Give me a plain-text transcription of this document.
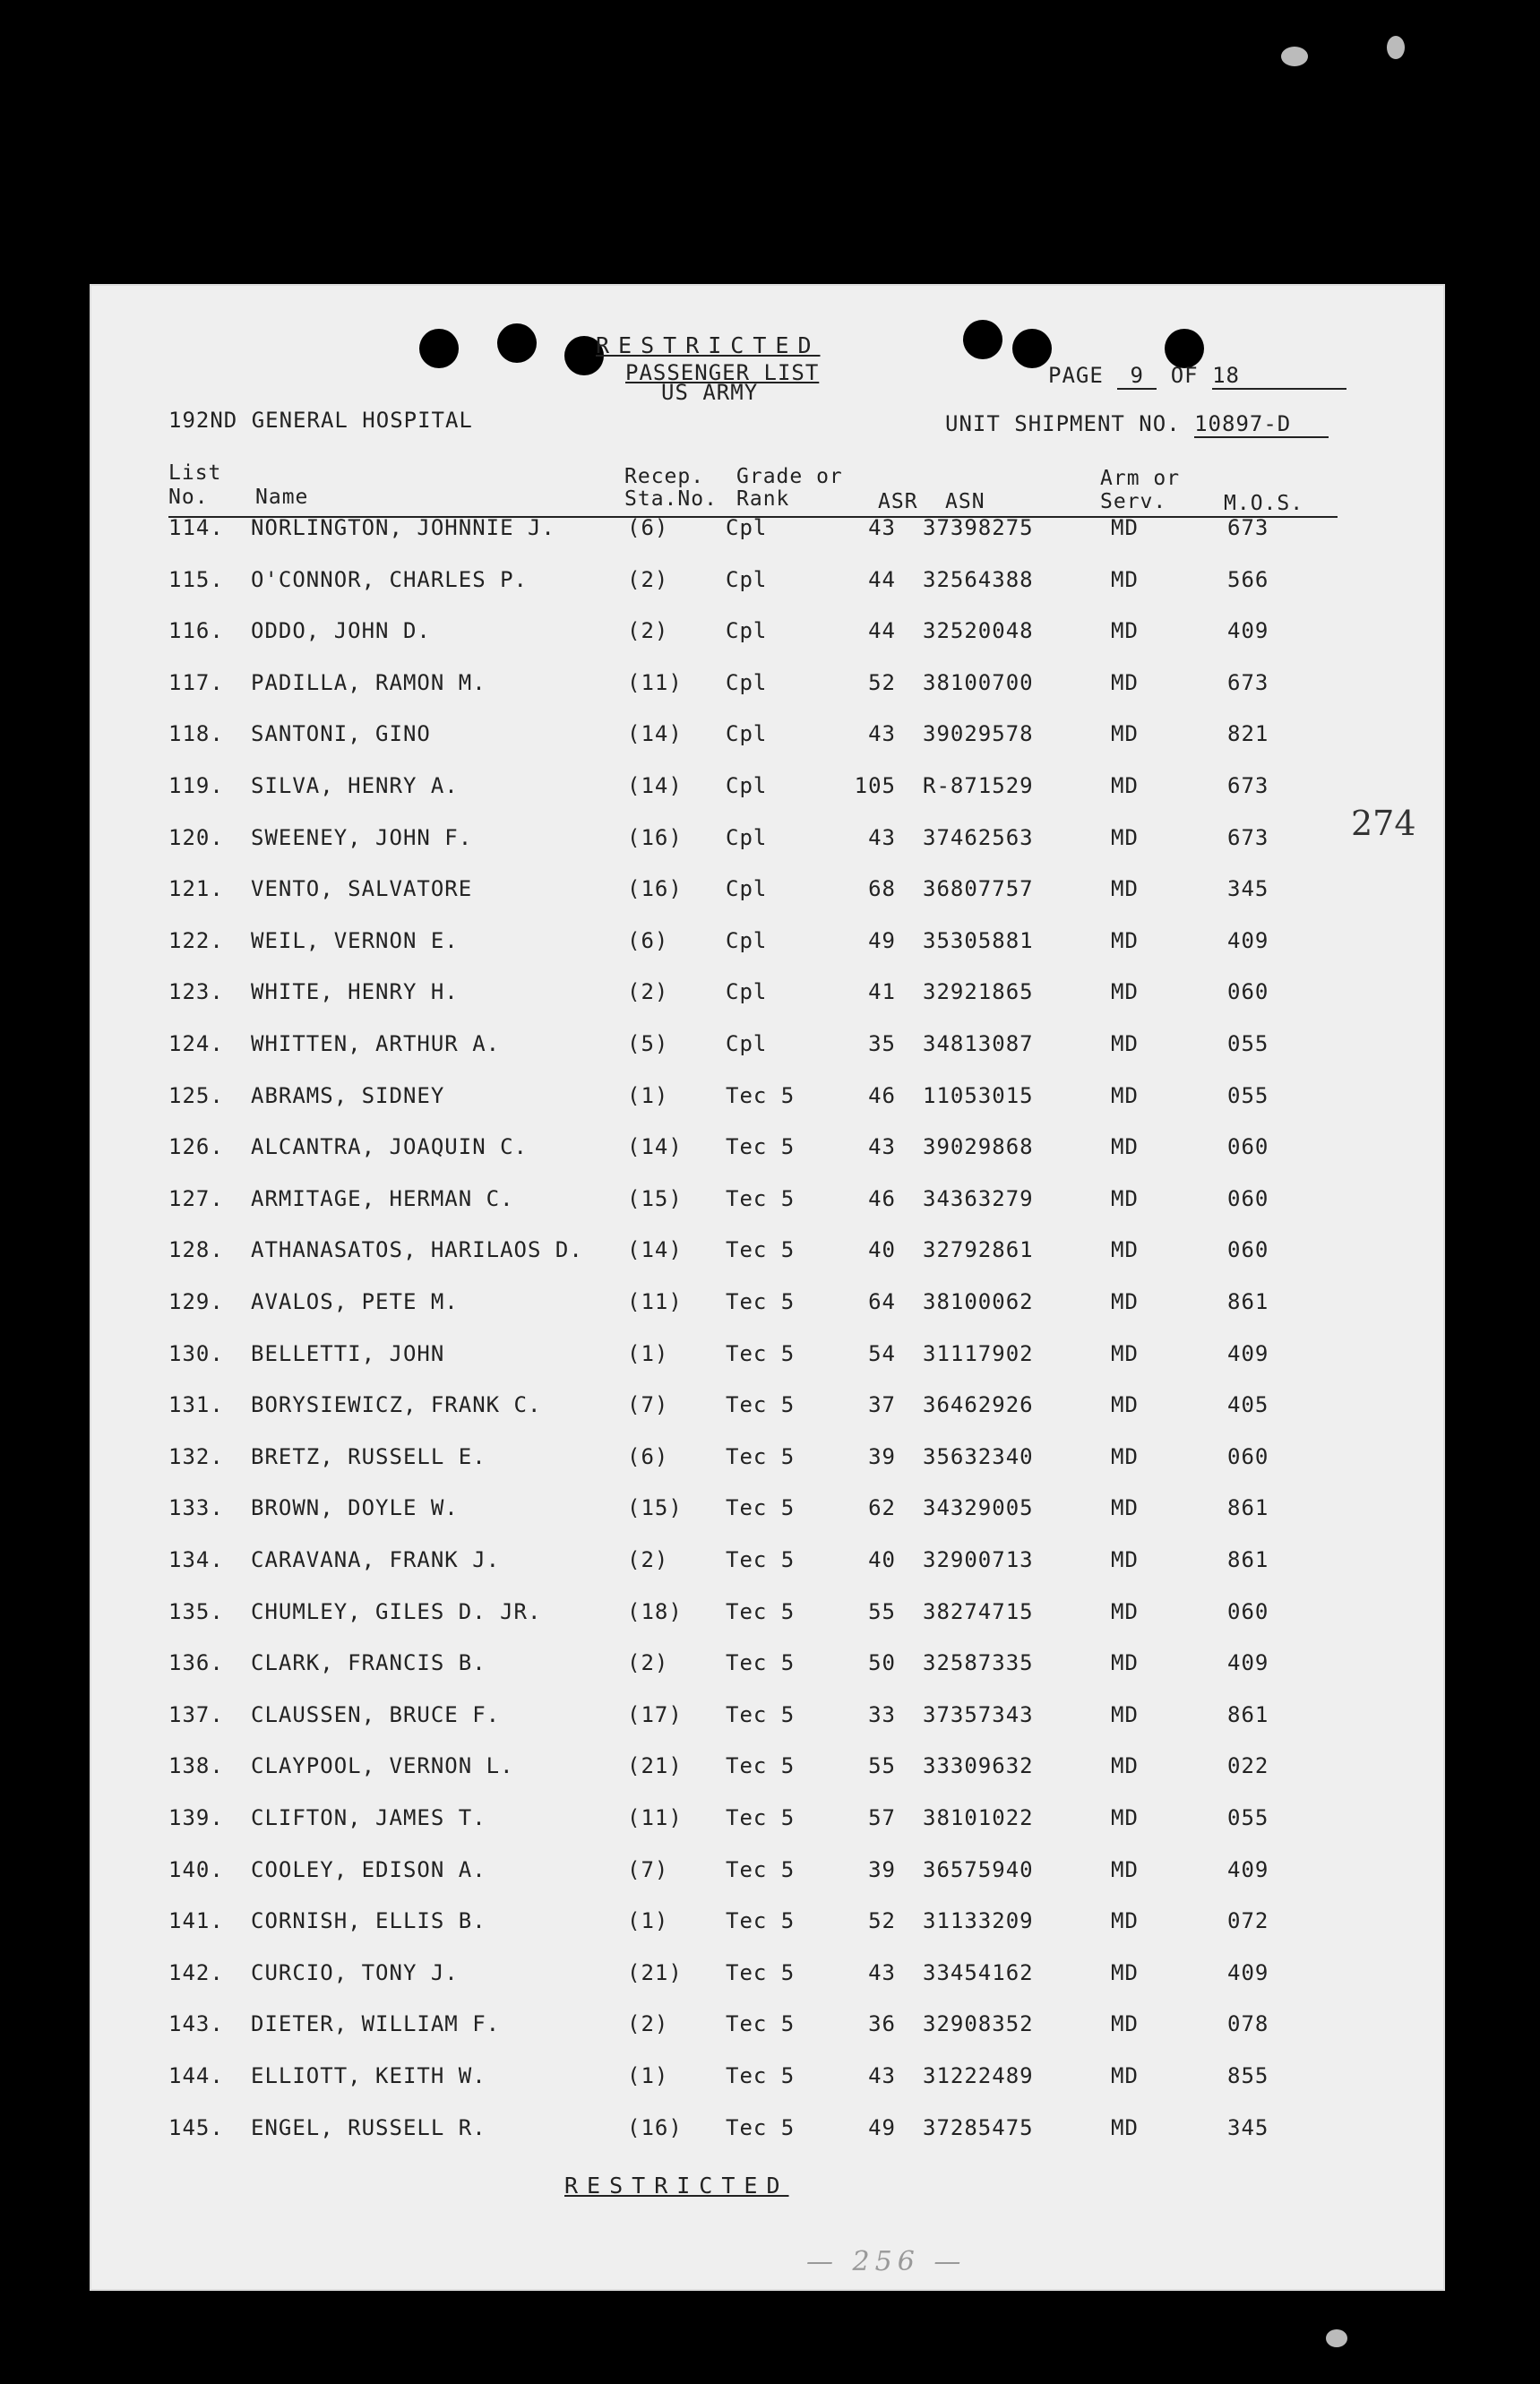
RESTRICTED
PASSENGER LIST
US ARMY
PAGE 9 OF 18
192ND GENERAL HOSPITAL	UNIT SHIPMENT NO. 10897-D
List
No. Name
Recep.
Sta.No.
Grade or
Rank	ASR ASN
Arm or
Serv.	M.O.S.
114. NORLINGTON, JOHNNIE J.	(6)	Cpl	43 37398275	MD	673
115. O'CONNOR, CHARLES P.	(2)	Cpl	44 32564388	MD	566
116. ODDO, JOHN D.	(2)	Cpl	44 32520048	MD	409
117. PADILLA, RAMON M.	(11) Cpl	52 38100700	MD	673
118. SANTONI, GINO	(14) Cpl	43 39029578	MD	821
119. SILVA, HENRY A.	(14) Cpl	105 R-871529	MD	673
120. SWEENEY, JOHN F.	(16) Cpl	43 37462563	MD	673
121. VENTO, SALVATORE	(16) Cpl	68 36807757	MD	345
122. WEIL, VERNON E.	(6)	Cpl	49 35305881	MD	409
123. WHITE, HENRY H.	(2)	Cpl	41 32921865	MD	060
124. WHITTEN, ARTHUR A.	(5)	Cpl	35 34813087	MD	055
125. ABRAMS, SIDNEY	(1)	Tec 5	46 11053015	MD	055
126. ALCANTRA, JOAQUIN C.	(14) Tec 5	43 39029868	MD	060
127. ARMITAGE, HERMAN C.	(15) Tec 5	46 34363279	MD	060
128. ATHANASATOS, HARILAOS D. (14) Tec 5	40 32792861	MD	060
129. AVALOS, PETE M.	(11) Tec 5	64 38100062	MD	861
130. BELLETTI, JOHN	(1)	Tec 5	54 31117902	MD	409
131. BORYSIEWICZ, FRANK C.	(7)	Tec 5	37 36462926	MD	405
132. BRETZ, RUSSELL E.	(6)	Tec 5	39 35632340	MD	060
133. BROWN, DOYLE W.	(15) Tec 5	62 34329005	MD	861
134. CARAVANA, FRANK J.	(2)	Tec 5	40 32900713	MD	861
135. CHUMLEY, GILES D. JR.	(18) Tec 5	55 38274715	MD	060
136. CLARK, FRANCIS B.	(2)	Tec 5	50 32587335	MD	409
137. CLAUSSEN, BRUCE F.	(17) Tec 5	33 37357343	MD	861
138. CLAYPOOL, VERNON L.	(21) Tec 5	55 33309632	MD	022
139. CLIFTON, JAMES T.	(11) Tec 5	57 38101022	MD	055
140. COOLEY, EDISON A.	(7)	Tec 5	39 36575940	MD	409
141. CORNISH, ELLIS B.	(1)	Tec 5	52 31133209	MD	072
142. CURCIO, TONY J.	(21) Tec 5	43 33454162	MD	409
143. DIETER, WILLIAM F.	(2)	Tec 5	36 32908352	MD	078
144. ELLIOTT, KEITH W.	(1)	Tec 5	43 31222489	MD	855
145. ENGEL, RUSSELL R.	(16) Tec 5	49 37285475	MD	345
274
RESTRICTED
— 256 —
